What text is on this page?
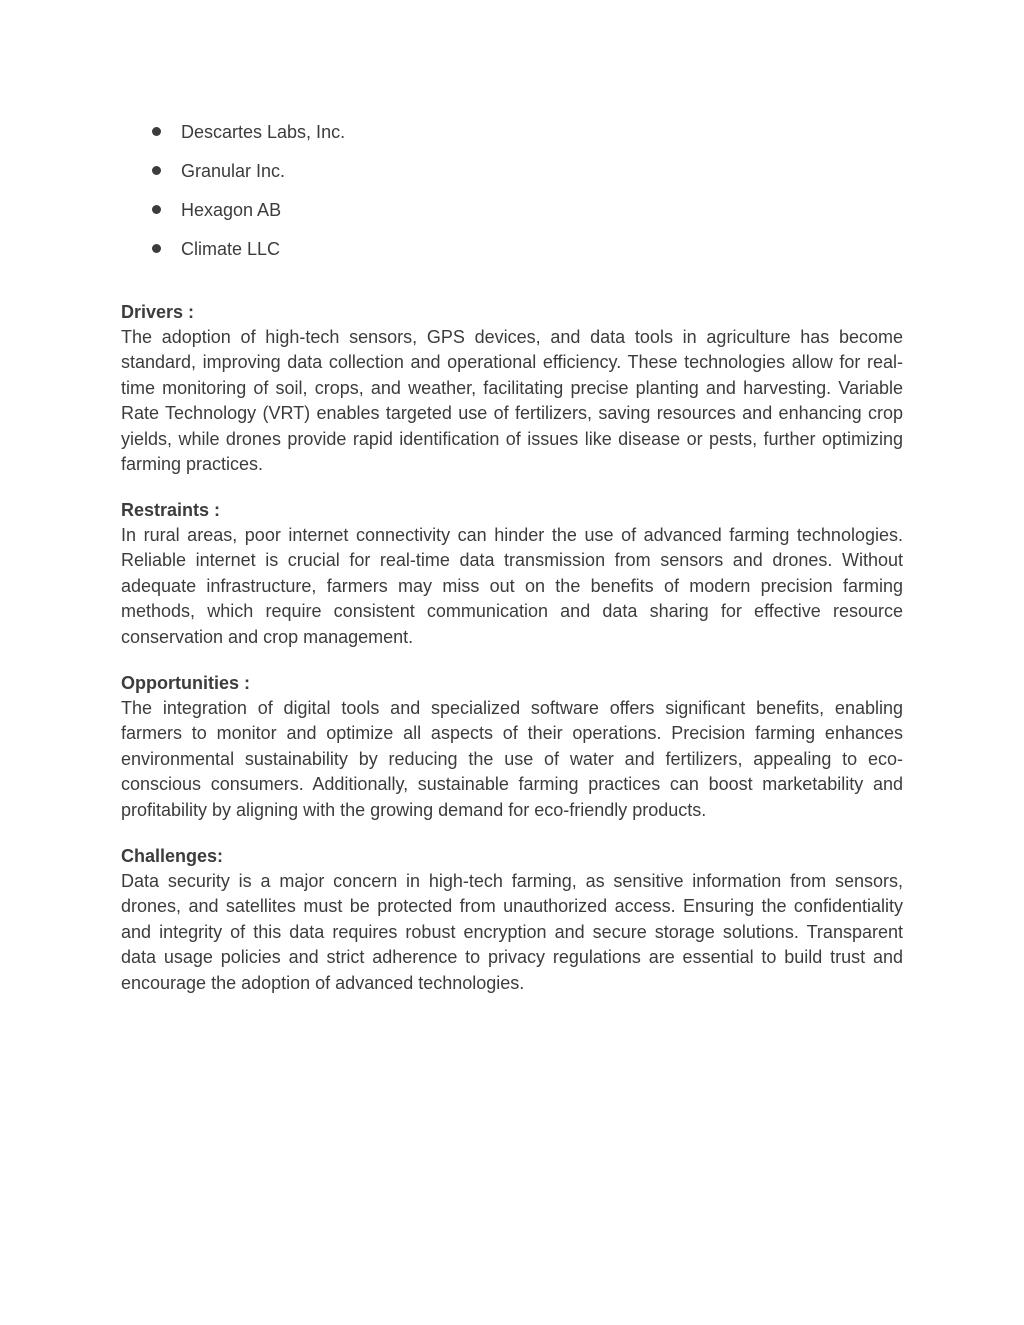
Descartes Labs, Inc.
Granular Inc.
Hexagon AB
Climate LLC
Drivers :

The adoption of high-tech sensors, GPS devices, and data tools in agriculture has become standard, improving data collection and operational efficiency. These technologies allow for real-time monitoring of soil, crops, and weather, facilitating precise planting and harvesting. Variable Rate Technology (VRT) enables targeted use of fertilizers, saving resources and enhancing crop yields, while drones provide rapid identification of issues like disease or pests, further optimizing farming practices.

Restraints :

In rural areas, poor internet connectivity can hinder the use of advanced farming technologies. Reliable internet is crucial for real-time data transmission from sensors and drones. Without adequate infrastructure, farmers may miss out on the benefits of modern precision farming methods, which require consistent communication and data sharing for effective resource conservation and crop management.

Opportunities :

The integration of digital tools and specialized software offers significant benefits, enabling farmers to monitor and optimize all aspects of their operations. Precision farming enhances environmental sustainability by reducing the use of water and fertilizers, appealing to eco-conscious consumers. Additionally, sustainable farming practices can boost marketability and profitability by aligning with the growing demand for eco-friendly products.

Challenges:

Data security is a major concern in high-tech farming, as sensitive information from sensors, drones, and satellites must be protected from unauthorized access. Ensuring the confidentiality and integrity of this data requires robust encryption and secure storage solutions. Transparent data usage policies and strict adherence to privacy regulations are essential to build trust and encourage the adoption of advanced technologies.
